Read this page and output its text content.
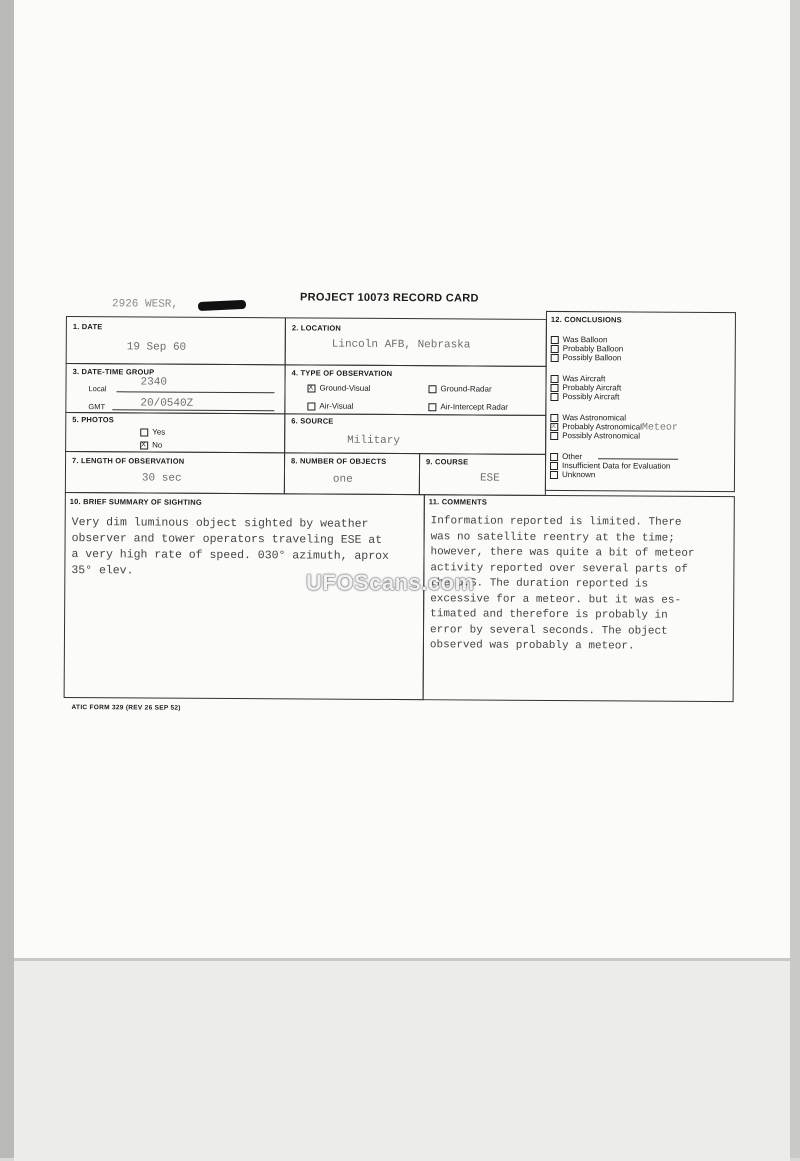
PROJECT 10073 RECORD CARD
2926 WESR,
1. DATE
19 Sep 60
2. LOCATION
Lincoln AFB, Nebraska
12. CONCLUSIONS
Was Balloon
Probably Balloon
Possibly Balloon
Was Aircraft
Probably Aircraft
Possibly Aircraft
Was Astronomical
X Probably AstronomicalMeteor
Possibly Astronomical
Other
Insufficient Data for Evaluation
Unknown
3. DATE-TIME GROUP
Local
2340
GMT	20/0540Z
4. TYPE OF OBSERVATION
X Ground-Visual	Ground-Radar
Air-Visual	Air-Intercept Radar
5. PHOTOS
Yes
X No
6. SOURCE
Military
7. LENGTH OF OBSERVATION
30 sec
8. NUMBER OF OBJECTS
one
9. COURSE
ESE
10. BRIEF SUMMARY OF SIGHTING
Very dim luminous object sighted by weather
observer and tower operators traveling ESE at
a very high rate of speed. 030° azimuth, aprox
35° elev.
11. COMMENTS
Information reported is limited. There
was no satellite reentry at the time;
however, there was quite a bit of meteor
activity reported over several parts of
the U.S. The duration reported is
excessive for a meteor. but it was es-
timated and therefore is probably in
error by several seconds. The object
observed was probably a meteor.
ATIC FORM 329 (REV 26 SEP 52)
UFOScans.com
